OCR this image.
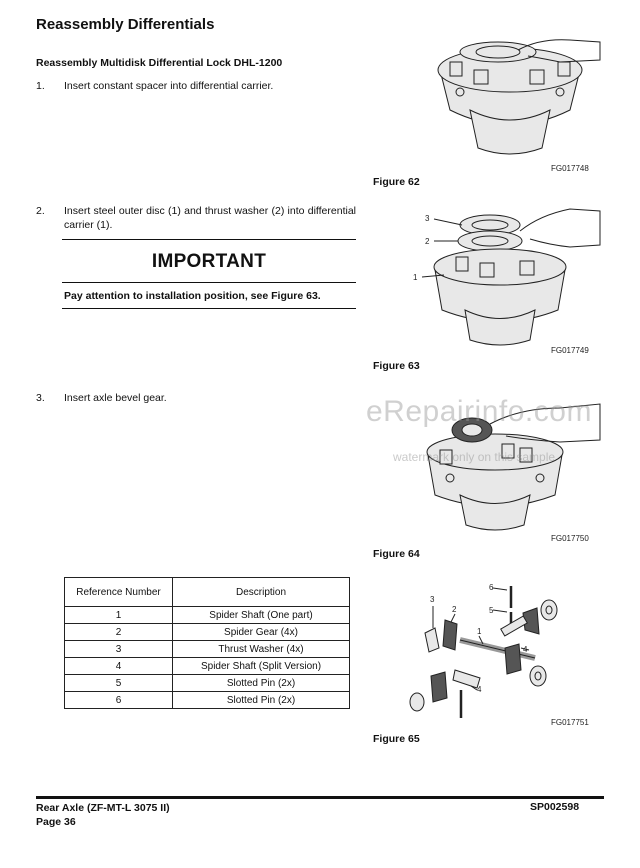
Reassembly Differentials
Reassembly Multidisk Differential Lock DHL-1200
1. Insert constant spacer into differential carrier.
2. Insert steel outer disc (1) and thrust washer (2) into differential carrier (1).
IMPORTANT
Pay attention to installation position, see Figure 63.
3. Insert axle bevel gear.
FG017748
Figure 62
3
2
1
FG017749
Figure 63
FG017750
Figure 64
eRepairinfo.com
watermark only on this sample
Reference Number	Description
1	Spider Shaft (One part)
2	Spider Gear (4x)
3	Thrust Washer (4x)
4	Spider Shaft (Split Version)
5	Slotted Pin (2x)
6	Slotted Pin (2x)
6
5
3
2
1
4
4
FG017751
Figure 65
Rear Axle (ZF-MT-L 3075 II)
Page 36
SP002598
